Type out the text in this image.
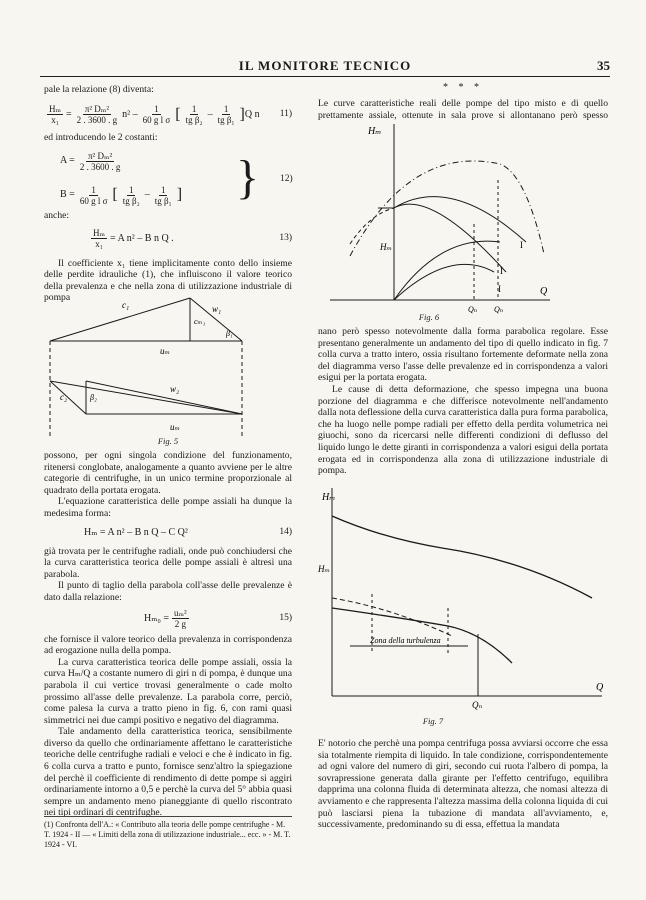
IL MONITORE TECNICO	35

pale la relazione (8) diventa:

$\frac{\text{Hₘ}}{\text{x₁}} = \frac{\text{π² Dₘ²}}{2 . 3600 . g} n^2 - \frac{1}{\text{60 g l σ}}$ [ $\frac{1}{\text{tg β₂}} - \frac{1}{\text{tg β₁}}$ ] Q n 11)

ed introducendo le 2 costanti:

$A = \frac{\text{π² Dₘ²}}{2 . 3600 . g}$
$B = \frac{1}{\text{60 g l σ}}$ [ $\frac{1}{\text{tg β₂}} - \frac{1}{\text{tg β₁}}$ ] } 12)

anche:

$\frac{\text{Hₘ}}{\text{x₁}} = A$ n² – B n Q .	13)

Il coefficiente x₁ tiene implicitamente conto dello insieme delle perdite idrauliche (1), che influiscono il valore teorico della prevalenza e che nella zona di utilizzazione industriale di pompa

c₁	w₁
cₘ₁
β₁
uₘ
c₂
w₂
β₂
uₘ
Fig. 5

possono, per ogni singola condizione del funzionamento, ritenersi conglobate, analogamente a quanto avviene per le altre categorie di centrifughe, in un unico termine proporzionale al quadrato della portata erogata.

L'equazione caratteristica delle pompe assiali ha dunque la medesima forma:

Hₘ = A n² – B n Q – C Q²	14)

già trovata per le centrifughe radiali, onde può conchiudersi che la curva caratteristica teorica delle pompe assiali è altresì una parabola.

Il punto di taglio della parabola coll'asse delle prevalenze è dato dalla relazione:

$H_{m0} = \frac{\text{uₘ²}}{2 g}$	15)

che fornisce il valore teorico della prevalenza in corrispondenza ad erogazione nulla della pompa.

La curva caratteristica teorica delle pompe assiali, ossia la curva Hₘ/Q a costante numero di giri n di pompa, è dunque una parabola il cui vertice trovasi generalmente o cade molto prossimo all'asse delle prevalenze. La parabola corre, perciò, come palesa la curva a tratto pieno in fig. 6, con rami quasi simmetrici nei due campi positivo e negativo del diagramma.

Tale andamento della caratteristica teorica, sensibilmente diverso da quello che ordinariamente affettano le caratteristiche teoriche delle centrifughe radiali e veloci e che è indicato in fig. 6 colla curva a tratto e punto, fornisce senz'altro la spiegazione del perchè il coefficiente di rendimento di dette pompe si aggiri ordinariamente intorno a 0,5 e perchè la curva del 5° abbia quasi sempre un andamento meno pianeggiante di quello riscontrato nei tipi ordinari di centrifughe.

(1) Confronta dell'A.: « Contributo alla teoria delle pompe centrifughe - M. T. 1924 - II — « Limiti della zona di utilizzazione industriale... ecc. » - M. T. 1924 - VI.
* * *
Le curve caratteristiche reali delle pompe del tipo misto e di quello prettamente assiale, ottenute in sala prove si allontanano però spesso
Hₘ
Hₘ
Q
Qₙ Qₙ
I
I
I
Fig. 6

nano però spesso notevolmente dalla forma parabolica regolare. Esse presentano generalmente un andamento del tipo di quello indicato in fig. 7 colla curva a tratto intero, ossia risultano fortemente deformate nella zona del diagramma verso l'asse delle prevalenze ed in corrispondenza a valori esigui per la portata erogata.

Le cause di detta deformazione, che spesso impegna una buona porzione del diagramma e che differisce notevolmente nell'andamento dalla nota deflessione della curva caratteristica dalla pura forma parabolica, che ha luogo nelle pompe radiali per effetto della perdita volumetrica nei giuochi, sono da ricercarsi nelle differenti condizioni di deflusso del liquido lungo le dette giranti in corrispondenza a valori esigui della portata erogata ed in corrispondenza alla zona di utilizzazione industriale di pompa.

Hₘ
Hₘ
Q
Qₙ
Zona della turbulenza
Fig. 7
E' notorio che perchè una pompa centrifuga possa avviarsi occorre che essa sia totalmente riempita di liquido. In tale condizione, corrispondentemente ad ogni valore del numero di giri, secondo cui ruota l'albero di pompa, la sovrapressione generata dalla girante per l'effetto centrifugo, equilibra dapprima una colonna fluida di determinata altezza, che nomasi altezza di avviamento e che rappresenta l'altezza massima della colonna liquida di cui può lasciarsi piena la tubazione di mandata all'avviamento, e, successivamente, predominando su di essa, effettua la mandata
